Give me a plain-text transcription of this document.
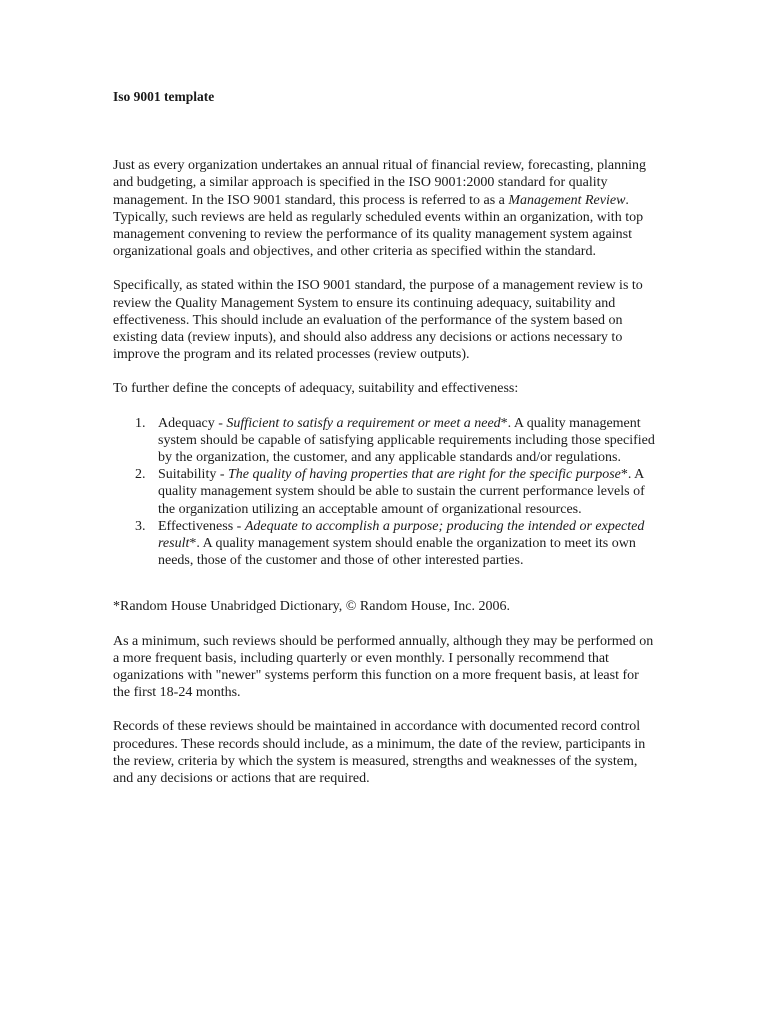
Iso 9001 template

Just as every organization undertakes an annual ritual of financial review, forecasting, planning and budgeting, a similar approach is specified in the ISO 9001:2000 standard for quality management. In the ISO 9001 standard, this process is referred to as a Management Review. Typically, such reviews are held as regularly scheduled events within an organization, with top management convening to review the performance of its quality management system against organizational goals and objectives, and other criteria as specified within the standard.

Specifically, as stated within the ISO 9001 standard, the purpose of a management review is to review the Quality Management System to ensure its continuing adequacy, suitability and effectiveness. This should include an evaluation of the performance of the system based on existing data (review inputs), and should also address any decisions or actions necessary to improve the program and its related processes (review outputs).

To further define the concepts of adequacy, suitability and effectiveness:

1. Adequacy - Sufficient to satisfy a requirement or meet a need*. A quality management system should be capable of satisfying applicable requirements including those specified by the organization, the customer, and any applicable standards and/or regulations.
2. Suitability - The quality of having properties that are right for the specific purpose*. A quality management system should be able to sustain the current performance levels of the organization utilizing an acceptable amount of organizational resources.
3. Effectiveness - Adequate to accomplish a purpose; producing the intended or expected result*. A quality management system should enable the organization to meet its own needs, those of the customer and those of other interested parties.

*Random House Unabridged Dictionary, © Random House, Inc. 2006.

As a minimum, such reviews should be performed annually, although they may be performed on a more frequent basis, including quarterly or even monthly. I personally recommend that oganizations with "newer" systems perform this function on a more frequent basis, at least for the first 18-24 months.

Records of these reviews should be maintained in accordance with documented record control procedures. These records should include, as a minimum, the date of the review, participants in the review, criteria by which the system is measured, strengths and weaknesses of the system, and any decisions or actions that are required.
